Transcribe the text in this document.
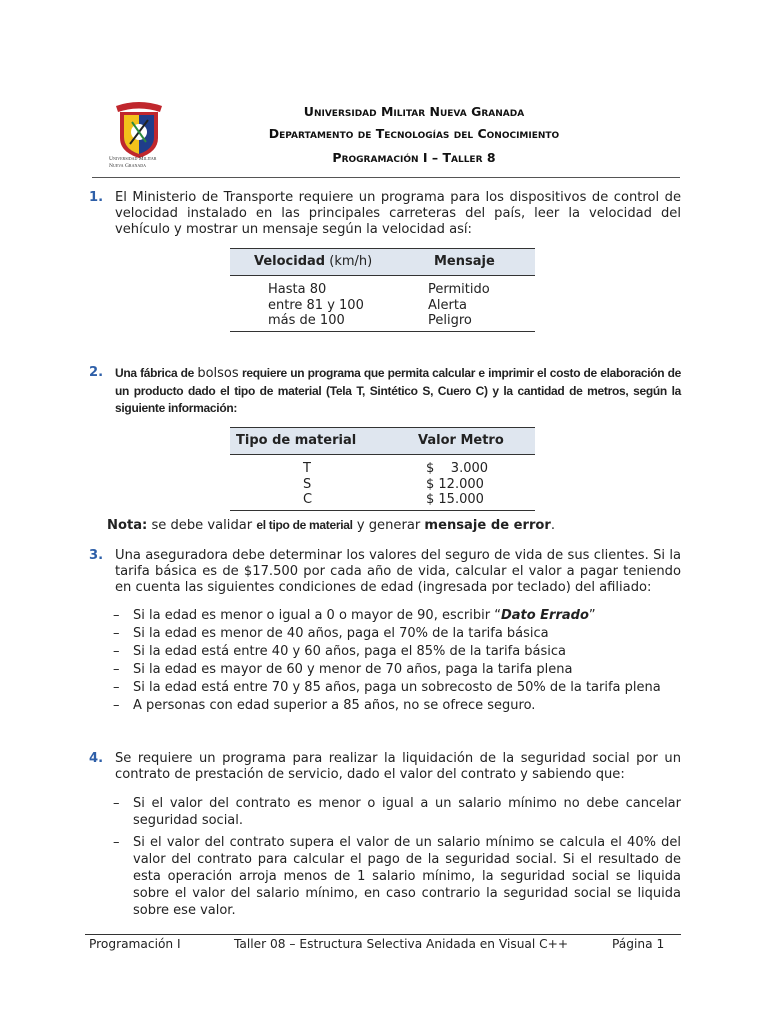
Universidad Militar
Nueva Granada
Universidad Militar Nueva Granada
Departamento de Tecnologías del Conocimiento
Programación I – Taller 8
1. El Ministerio de Transporte requiere un programa para los dispositivos de control de velocidad instalado en las principales carreteras del país, leer la velocidad del vehículo y mostrar un mensaje según la velocidad así:
Velocidad (km/h)	Mensaje
Hasta 80	Permitido
entre 81 y 100	Alerta
más de 100	Peligro
2. Una fábrica de bolsos requiere un programa que permita calcular e imprimir el costo de elaboración de un producto dado el tipo de material (Tela T, Sintético S, Cuero C) y la cantidad de metros, según la siguiente información:
Tipo de material	Valor Metro
T	$    3.000
S	$ 12.000
C	$ 15.000
Nota: se debe validar el tipo de material y generar mensaje de error.
3. Una aseguradora debe determinar los valores del seguro de vida de sus clientes. Si la tarifa básica es de $17.500 por cada año de vida, calcular el valor a pagar teniendo en cuenta las siguientes condiciones de edad (ingresada por teclado) del afiliado:
– Si la edad es menor o igual a 0 o mayor de 90, escribir “Dato Errado”
– Si la edad es menor de 40 años, paga el 70% de la tarifa básica
– Si la edad está entre 40 y 60 años, paga el 85% de la tarifa básica
– Si la edad es mayor de 60 y menor de 70 años, paga la tarifa plena
– Si la edad está entre 70 y 85 años, paga un sobrecosto de 50% de la tarifa plena
– A personas con edad superior a 85 años, no se ofrece seguro.
4. Se requiere un programa para realizar la liquidación de la seguridad social por un contrato de prestación de servicio, dado el valor del contrato y sabiendo que:
– Si el valor del contrato es menor o igual a un salario mínimo no debe cancelar seguridad social.
– Si el valor del contrato supera el valor de un salario mínimo se calcula el 40% del valor del contrato para calcular el pago de la seguridad social. Si el resultado de esta operación arroja menos de 1 salario mínimo, la seguridad social se liquida sobre el valor del salario mínimo, en caso contrario la seguridad social se liquida sobre ese valor.
Programación I	Taller 08 – Estructura Selectiva Anidada en Visual C++	Página 1
